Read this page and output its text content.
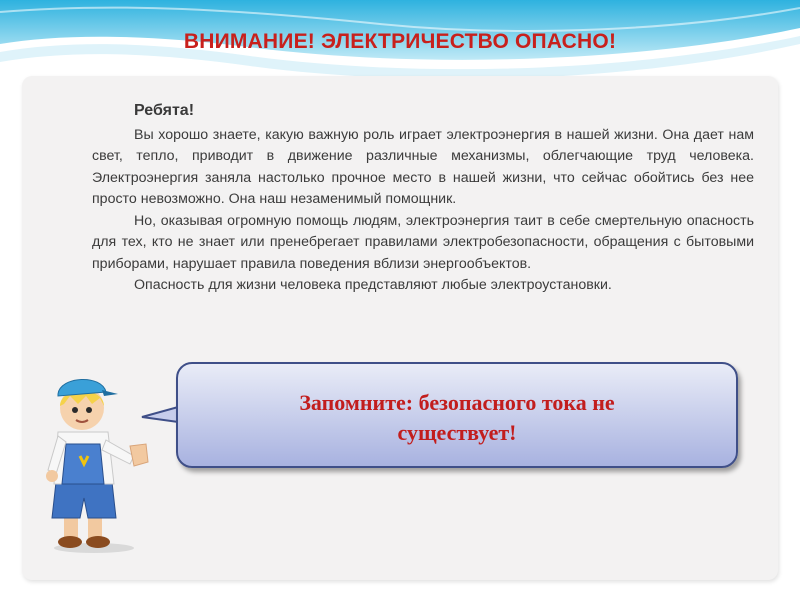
ВНИМАНИЕ! ЭЛЕКТРИЧЕСТВО ОПАСНО!
Ребята!

Вы хорошо знаете, какую важную роль играет электроэнергия в нашей жизни. Она дает нам свет, тепло, приводит в движение различные механизмы, облегчающие труд человека. Электроэнергия заняла настолько прочное место в нашей жизни, что сейчас обойтись без нее просто невозможно. Она наш незаменимый помощник.

Но, оказывая огромную помощь людям, электроэнергия таит в себе смертельную опасность для тех, кто не знает или пренебрегает правилами электробезопасности, обращения с бытовыми приборами, нарушает правила поведения вблизи энергообъектов.

Опасность для жизни человека представляют любые электроустановки.

Запомните: безопасного тока не
существует!
